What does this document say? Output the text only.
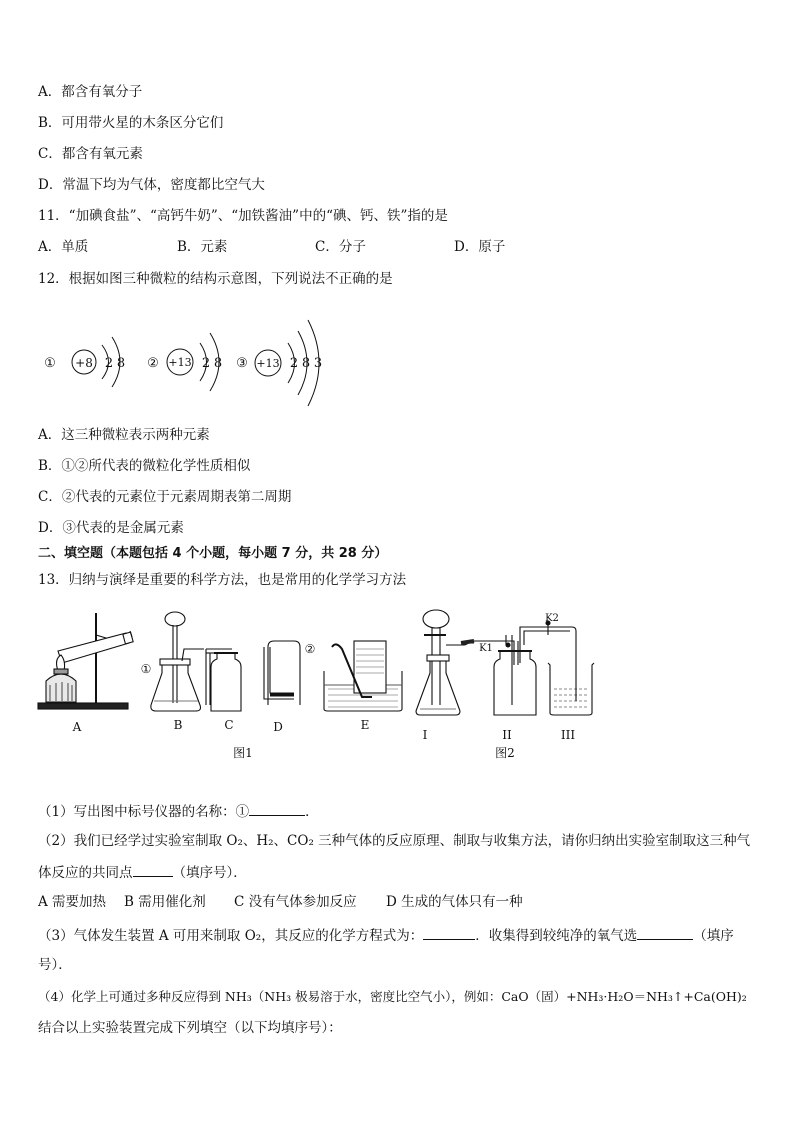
A．都含有氧分子
B．可用带火星的木条区分它们
C．都含有氧元素
D．常温下均为气体，密度都比空气大
11．“加碘食盐”、“高钙牛奶”、“加铁酱油”中的“碘、钙、铁”指的是
A．单质	B．元素	C．分子	D．原子
12．根据如图三种微粒的结构示意图，下列说法不正确的是
① +8 2 8 ② +13 2 8 ③ +13 2 8 3
A．这三种微粒表示两种元素
B．①②所代表的微粒化学性质相似
C．②代表的元素位于元素周期表第二周期
D．③代表的是金属元素
二、填空题（本题包括 4 个小题，每小题 7 分，共 28 分）
13．归纳与演绎是重要的科学方法，也是常用的化学学习方法
A	B	C	D	E
图1
I	II	III
图2
①
②	K1
K2
（1）写出图中标号仪器的名称：①	．
（2）我们已经学过实验室制取 O₂、H₂、CO₂ 三种气体的反应原理、制取与收集方法，请你归纳出实验室制取这三种气
体反应的共同点	（填序号）．
A 需要加热 B 需用催化剂 C 没有气体参加反应 D 生成的气体只有一种
（3）气体发生装置 A 可用来制取 O₂，其反应的化学方程式为：	．收集得到较纯净的氧气选	（填序
号）．
（4）化学上可通过多种反应得到 NH₃（NH₃ 极易溶于水，密度比空气小），例如：CaO（固）+NH₃·H₂O＝NH₃↑+Ca(OH)₂
结合以上实验装置完成下列填空（以下均填序号）：
